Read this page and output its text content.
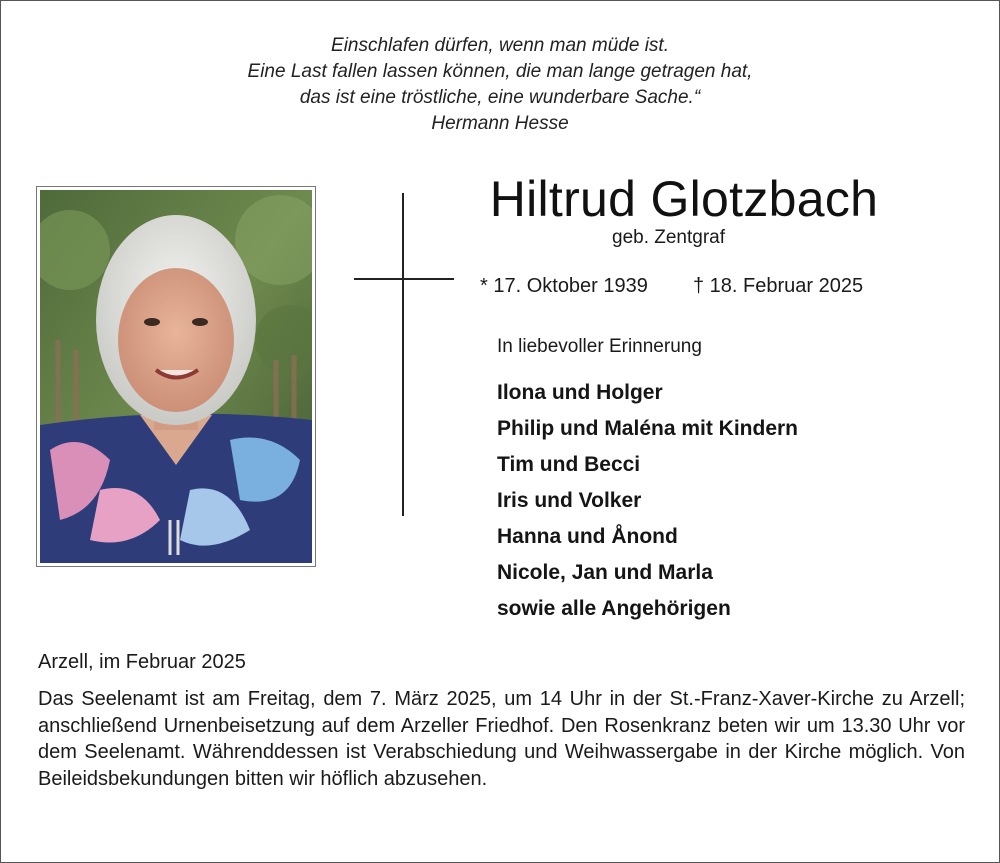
Einschlafen dürfen, wenn man müde ist.
Eine Last fallen lassen können, die man lange getragen hat,
das ist eine tröstliche, eine wunderbare Sache.“
Hermann Hesse
Hiltrud Glotzbach
geb. Zentgraf
* 17. Oktober 1939 † 18. Februar 2025
In liebevoller Erinnerung
Ilona und Holger
Philip und Maléna mit Kindern
Tim und Becci
Iris und Volker
Hanna und Ånond
Nicole, Jan und Marla
sowie alle Angehörigen
Arzell, im Februar 2025

Das Seelenamt ist am Freitag, dem 7. März 2025, um 14 Uhr in der St.-Franz-Xaver-Kirche zu Arzell; anschließend Urnenbeisetzung auf dem Arzeller Friedhof. Den Rosenkranz beten wir um 13.30 Uhr vor dem Seelenamt. Währenddessen ist Verabschiedung und Weihwassergabe in der Kirche möglich. Von Beileidsbekundungen bitten wir höflich abzusehen.
